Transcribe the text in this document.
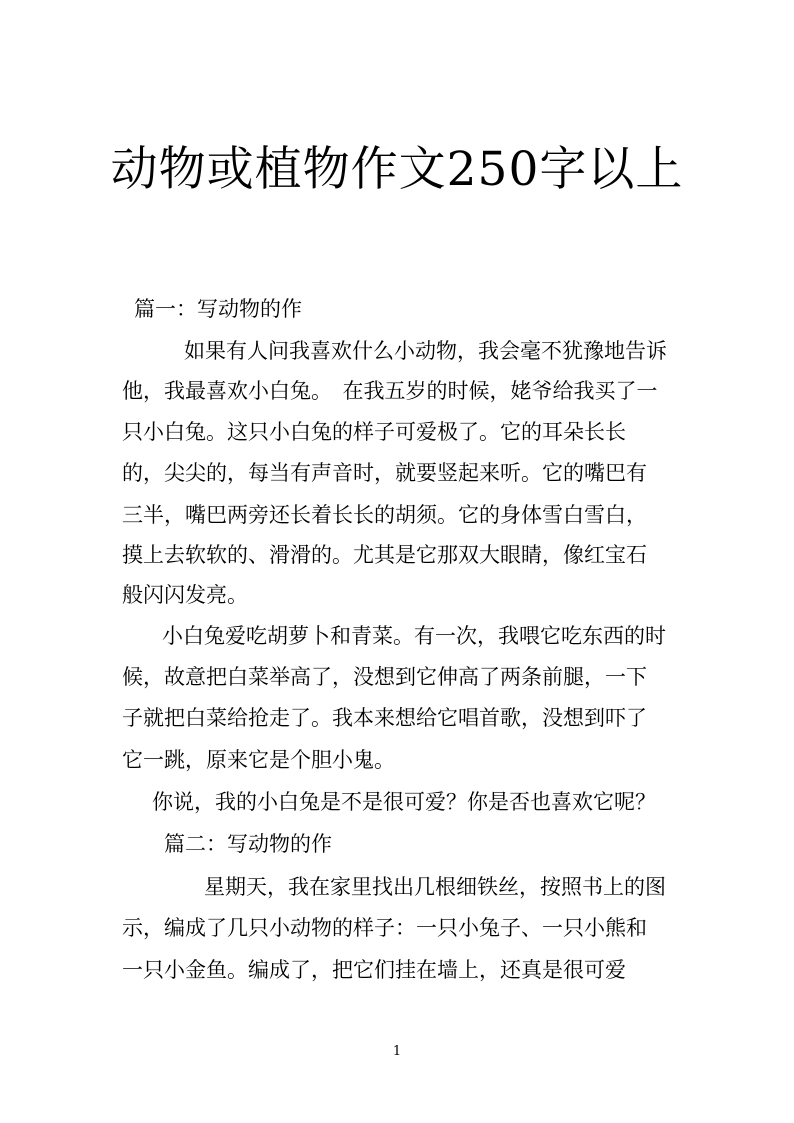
动物或植物作文250字以上
篇一：写动物的作
如果有人问我喜欢什么小动物，我会毫不犹豫地告诉
他，我最喜欢小白兔。　在我五岁的时候，姥爷给我买了一
只小白兔。这只小白兔的样子可爱极了。它的耳朵长长
的，尖尖的，每当有声音时，就要竖起来听。它的嘴巴有
三半，嘴巴两旁还长着长长的胡须。它的身体雪白雪白，
摸上去软软的、滑滑的。尤其是它那双大眼睛，像红宝石
般闪闪发亮。
小白兔爱吃胡萝卜和青菜。有一次，我喂它吃东西的时
候，故意把白菜举高了，没想到它伸高了两条前腿，一下
子就把白菜给抢走了。我本来想给它唱首歌，没想到吓了
它一跳，原来它是个胆小鬼。
你说，我的小白兔是不是很可爱？你是否也喜欢它呢？
篇二：写动物的作
星期天，我在家里找出几根细铁丝，按照书上的图
示，编成了几只小动物的样子：一只小兔子、一只小熊和
一只小金鱼。编成了，把它们挂在墙上，还真是很可爱
1
